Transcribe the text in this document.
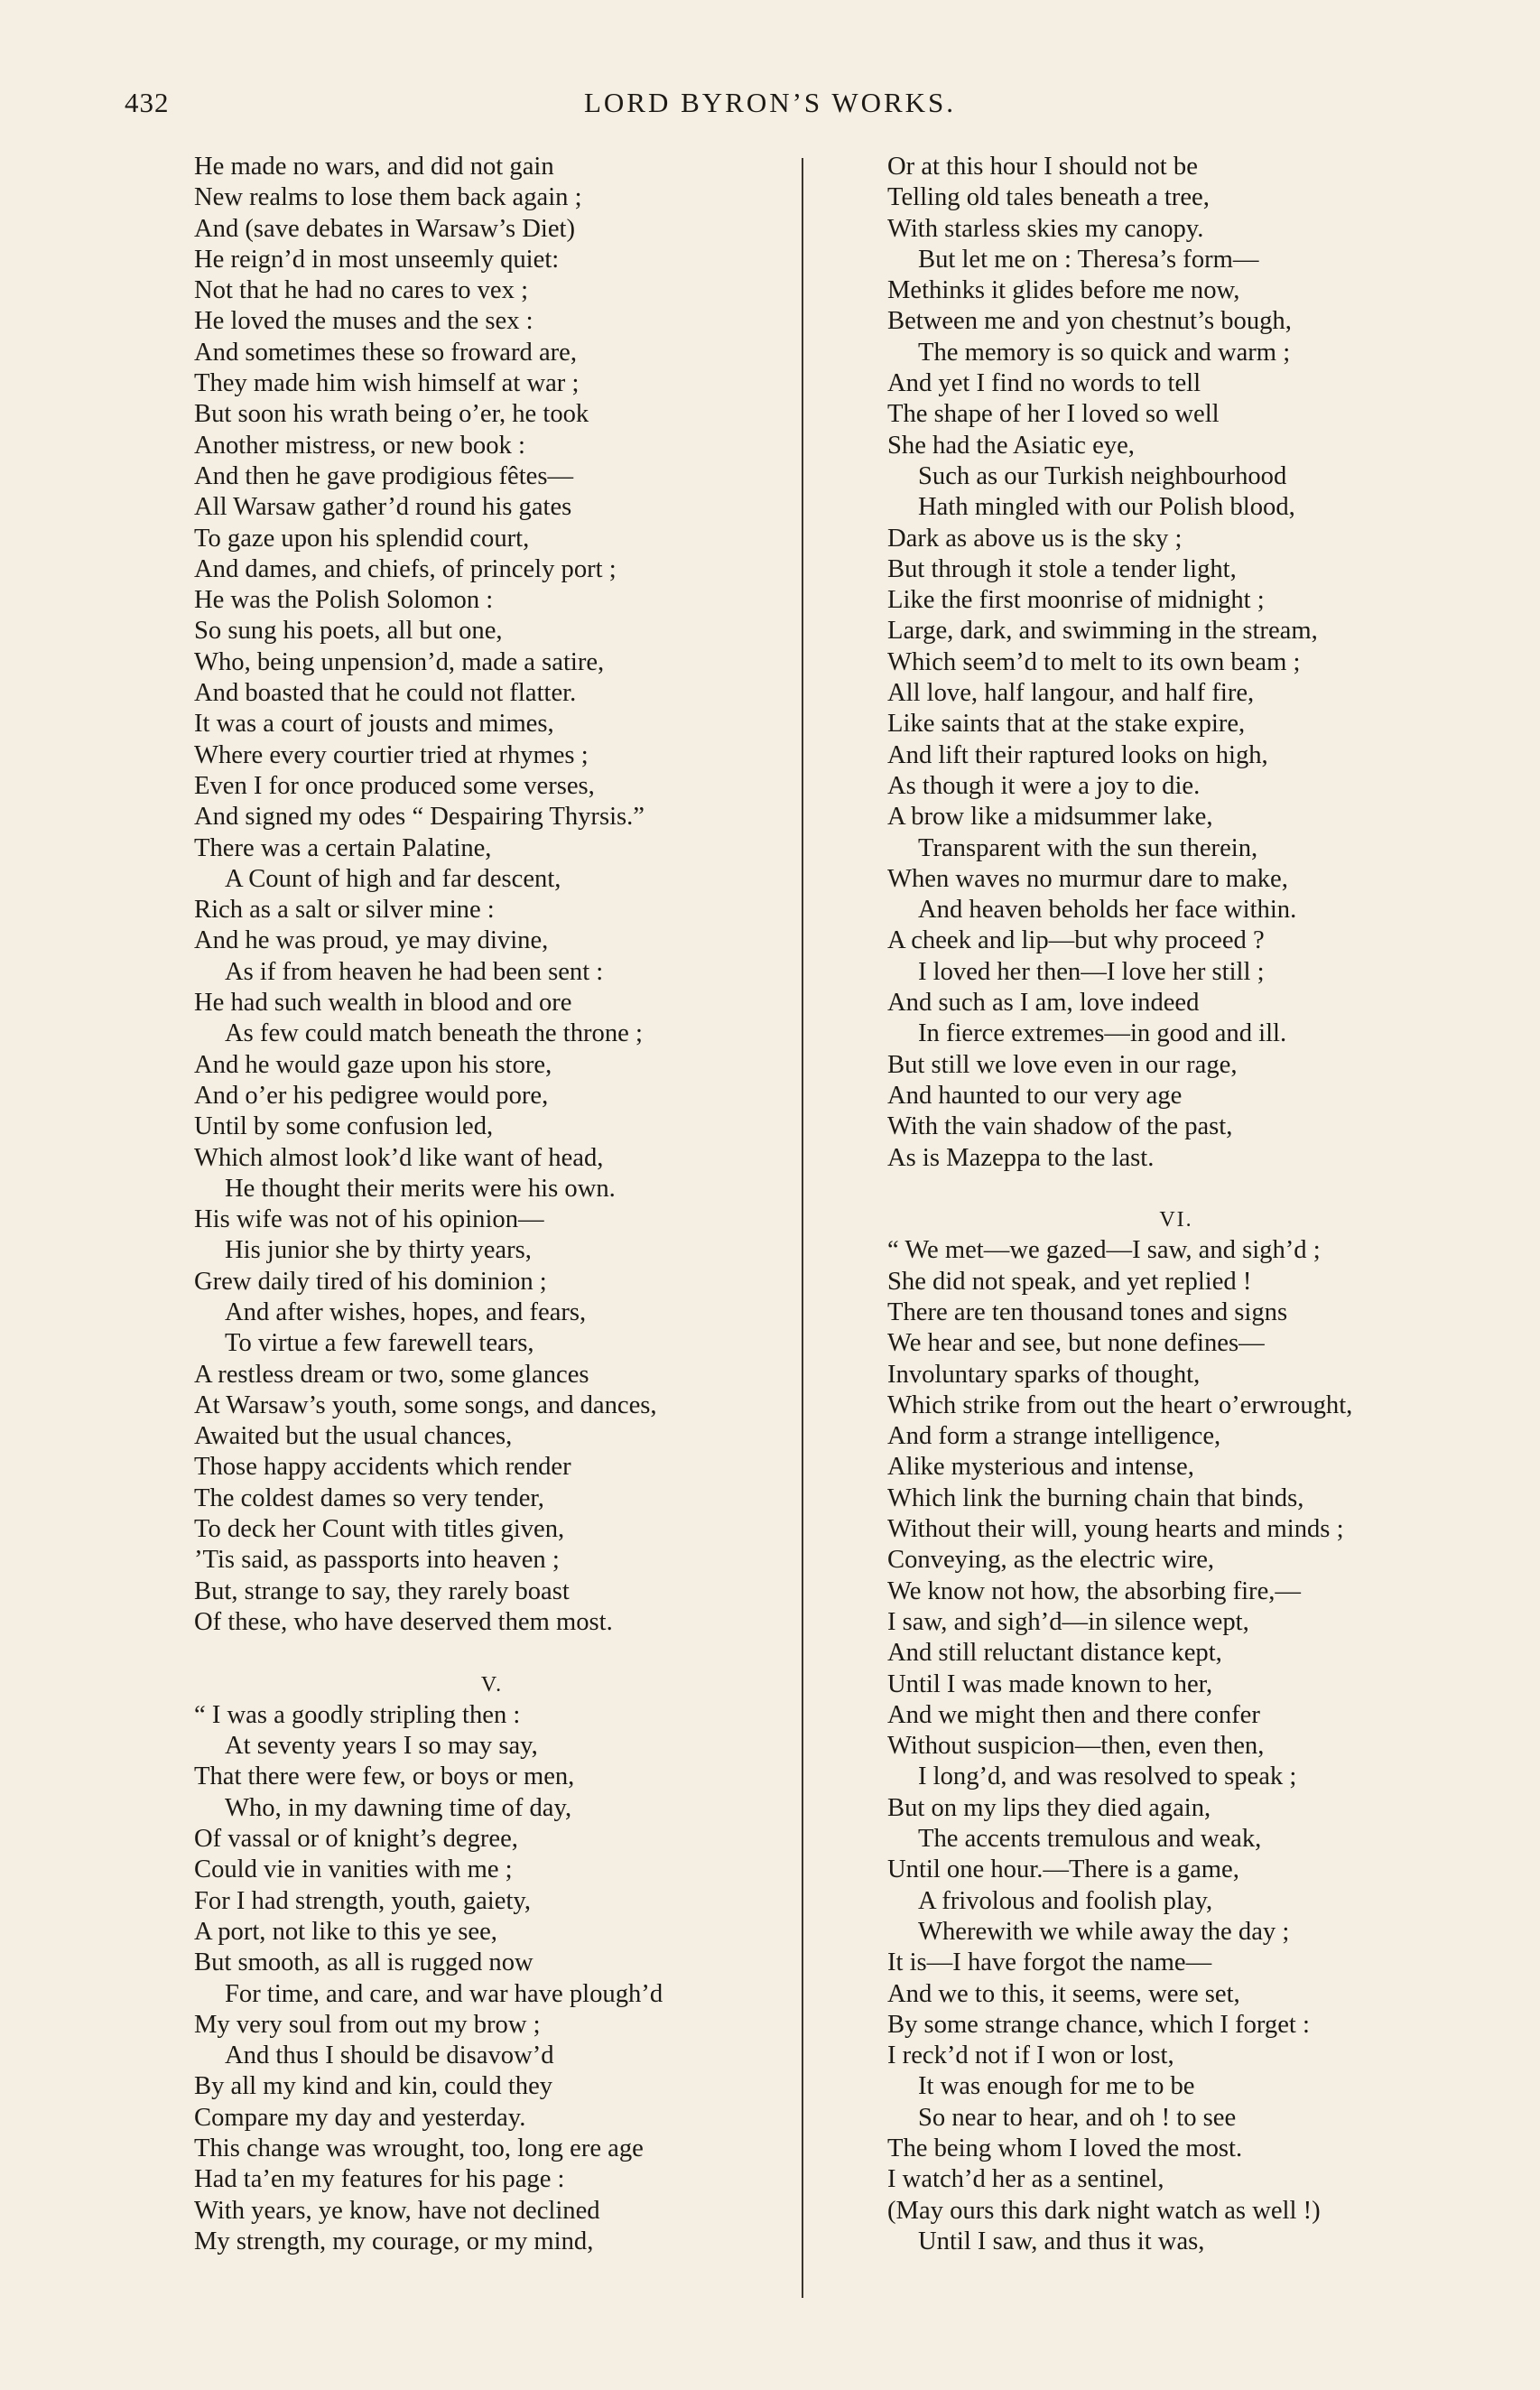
432	LORD BYRON’S WORKS.
He made no wars, and did not gain
New realms to lose them back again ;
And (save debates in Warsaw’s Diet)
He reign’d in most unseemly quiet:
Not that he had no cares to vex ;
He loved the muses and the sex :
And sometimes these so froward are,
They made him wish himself at war ;
But soon his wrath being o’er, he took
Another mistress, or new book :
And then he gave prodigious fêtes—
All Warsaw gather’d round his gates
To gaze upon his splendid court,
And dames, and chiefs, of princely port ;
He was the Polish Solomon :
So sung his poets, all but one,
Who, being unpension’d, made a satire,
And boasted that he could not flatter.
It was a court of jousts and mimes,
Where every courtier tried at rhymes ;
Even I for once produced some verses,
And signed my odes “ Despairing Thyrsis.”
There was a certain Palatine,
A Count of high and far descent,
Rich as a salt or silver mine :
And he was proud, ye may divine,
As if from heaven he had been sent :
He had such wealth in blood and ore
As few could match beneath the throne ;
And he would gaze upon his store,
And o’er his pedigree would pore,
Until by some confusion led,
Which almost look’d like want of head,
He thought their merits were his own.
His wife was not of his opinion—
His junior she by thirty years,
Grew daily tired of his dominion ;
And after wishes, hopes, and fears,
To virtue a few farewell tears,
A restless dream or two, some glances
At Warsaw’s youth, some songs, and dances,
Awaited but the usual chances,
Those happy accidents which render
The coldest dames so very tender,
To deck her Count with titles given,
’Tis said, as passports into heaven ;
But, strange to say, they rarely boast
Of these, who have deserved them most.
V.
“ I was a goodly stripling then :
At seventy years I so may say,
That there were few, or boys or men,
Who, in my dawning time of day,
Of vassal or of knight’s degree,
Could vie in vanities with me ;
For I had strength, youth, gaiety,
A port, not like to this ye see,
But smooth, as all is rugged now
For time, and care, and war have plough’d
My very soul from out my brow ;
And thus I should be disavow’d
By all my kind and kin, could they
Compare my day and yesterday.
This change was wrought, too, long ere age
Had ta’en my features for his page :
With years, ye know, have not declined
My strength, my courage, or my mind,
Or at this hour I should not be
Telling old tales beneath a tree,
With starless skies my canopy.
But let me on : Theresa’s form—
Methinks it glides before me now,
Between me and yon chestnut’s bough,
The memory is so quick and warm ;
And yet I find no words to tell
The shape of her I loved so well
She had the Asiatic eye,
Such as our Turkish neighbourhood
Hath mingled with our Polish blood,
Dark as above us is the sky ;
But through it stole a tender light,
Like the first moonrise of midnight ;
Large, dark, and swimming in the stream,
Which seem’d to melt to its own beam ;
All love, half langour, and half fire,
Like saints that at the stake expire,
And lift their raptured looks on high,
As though it were a joy to die.
A brow like a midsummer lake,
Transparent with the sun therein,
When waves no murmur dare to make,
And heaven beholds her face within.
A cheek and lip—but why proceed ?
I loved her then—I love her still ;
And such as I am, love indeed
In fierce extremes—in good and ill.
But still we love even in our rage,
And haunted to our very age
With the vain shadow of the past,
As is Mazeppa to the last.
VI.
“ We met—we gazed—I saw, and sigh’d ;
She did not speak, and yet replied !
There are ten thousand tones and signs
We hear and see, but none defines—
Involuntary sparks of thought,
Which strike from out the heart o’erwrought,
And form a strange intelligence,
Alike mysterious and intense,
Which link the burning chain that binds,
Without their will, young hearts and minds ;
Conveying, as the electric wire,
We know not how, the absorbing fire,—
I saw, and sigh’d—in silence wept,
And still reluctant distance kept,
Until I was made known to her,
And we might then and there confer
Without suspicion—then, even then,
I long’d, and was resolved to speak ;
But on my lips they died again,
The accents tremulous and weak,
Until one hour.—There is a game,
A frivolous and foolish play,
Wherewith we while away the day ;
It is—I have forgot the name—
And we to this, it seems, were set,
By some strange chance, which I forget :
I reck’d not if I won or lost,
It was enough for me to be
So near to hear, and oh ! to see
The being whom I loved the most.
I watch’d her as a sentinel,
(May ours this dark night watch as well !)
Until I saw, and thus it was,
